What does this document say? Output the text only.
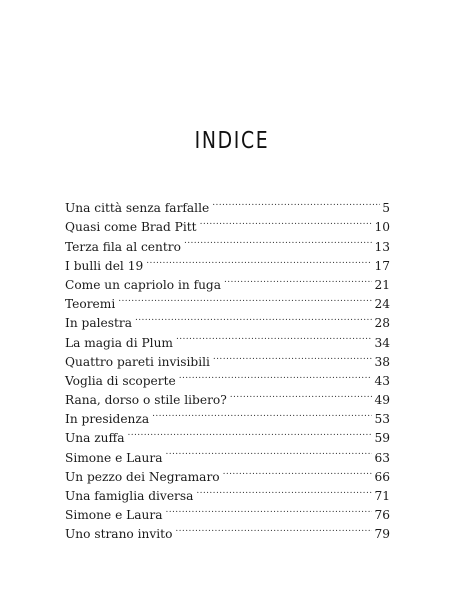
INDICE
Una città senza farfalle .....	5
Quasi come Brad Pitt .....	10
Terza fila al centro .....	13
I bulli del 19 .....	17
Come un capriolo in fuga .....	21
Teoremi .....	24
In palestra .....	28
La magia di Plum .....	34
Quattro pareti invisibili .....	38
Voglia di scoperte .....	43
Rana, dorso o stile libero? .....	49
In presidenza .....	53
Una zuffa .....	59
Simone e Laura .....	63
Un pezzo dei Negramaro .....	66
Una famiglia diversa .....	71
Simone e Laura .....	76
Uno strano invito .....	79
